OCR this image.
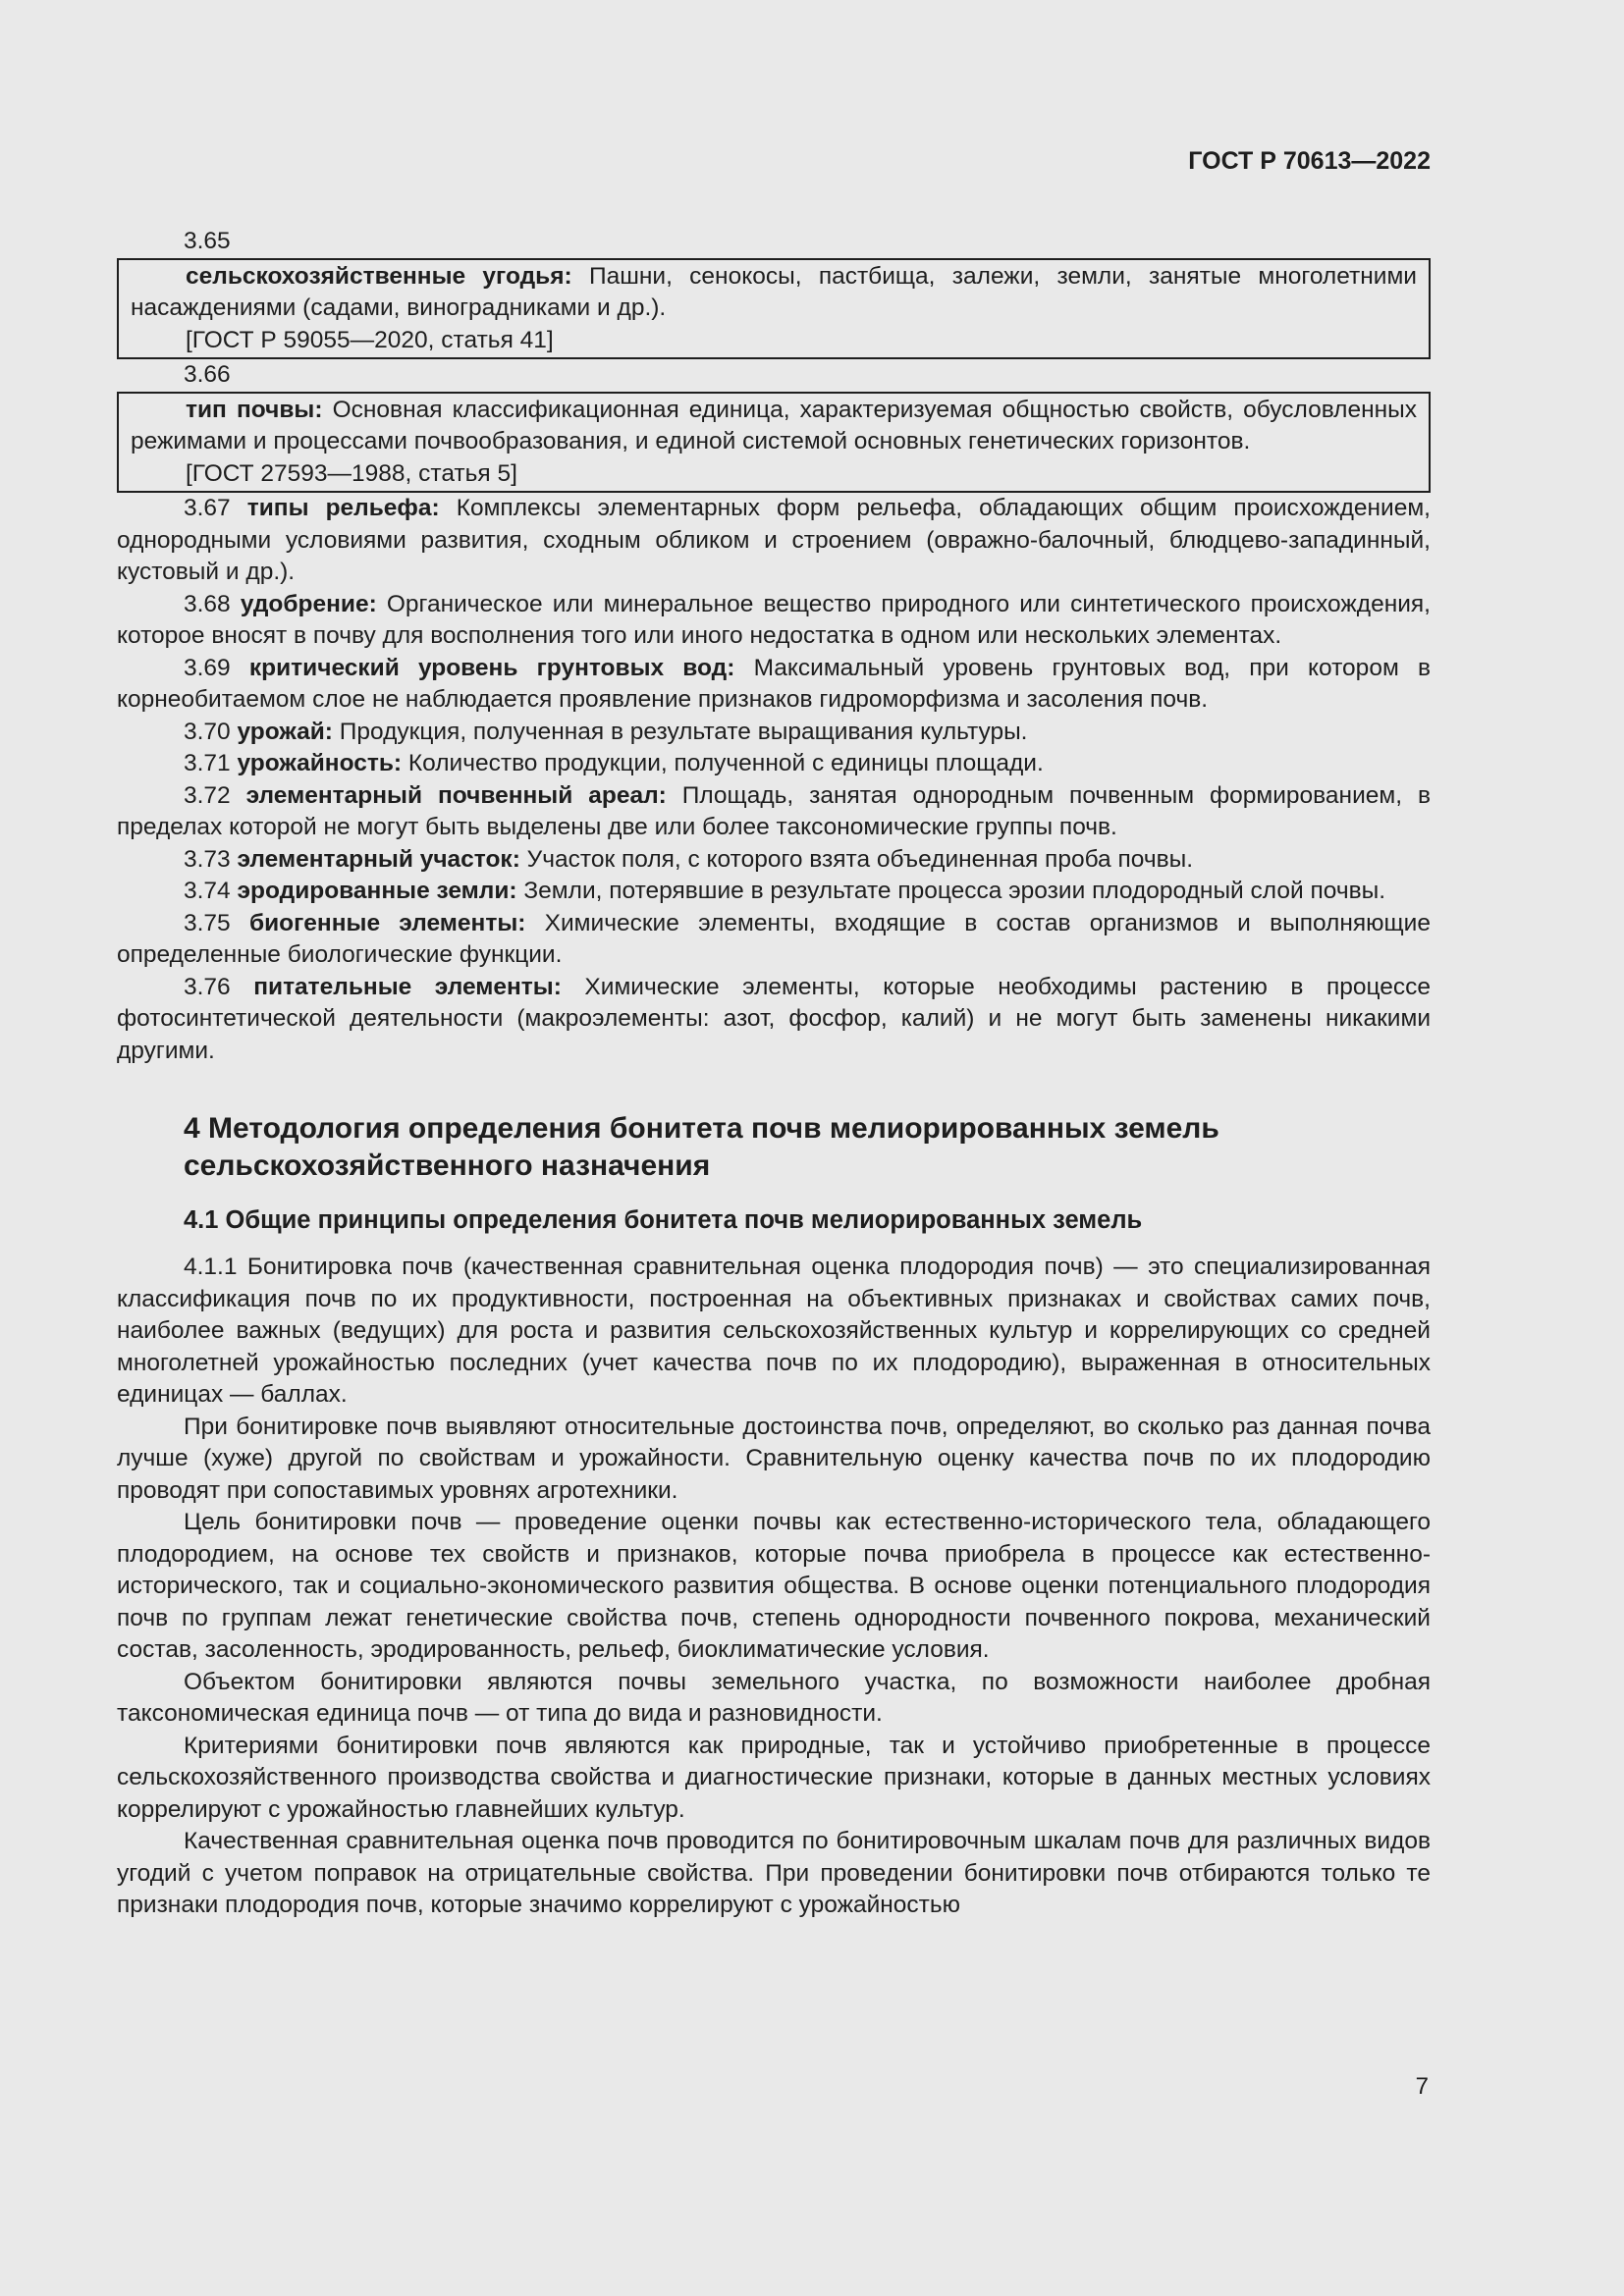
ГОСТ Р 70613—2022

3.65

сельскохозяйственные угодья: Пашни, сенокосы, пастбища, залежи, земли, занятые многолетними насаждениями (садами, виноградниками и др.).

[ГОСТ Р 59055—2020, статья 41]

3.66

тип почвы: Основная классификационная единица, характеризуемая общностью свойств, обусловленных режимами и процессами почвообразования, и единой системой основных генетических горизонтов.

[ГОСТ 27593—1988, статья 5]

3.67 типы рельефа: Комплексы элементарных форм рельефа, обладающих общим происхождением, однородными условиями развития, сходным обликом и строением (овражно-балочный, блюдцево-западинный, кустовый и др.).

3.68 удобрение: Органическое или минеральное вещество природного или синтетического происхождения, которое вносят в почву для восполнения того или иного недостатка в одном или нескольких элементах.

3.69 критический уровень грунтовых вод: Максимальный уровень грунтовых вод, при котором в корнеобитаемом слое не наблюдается проявление признаков гидроморфизма и засоления почв.

3.70 урожай: Продукция, полученная в результате выращивания культуры.

3.71 урожайность: Количество продукции, полученной с единицы площади.

3.72 элементарный почвенный ареал: Площадь, занятая однородным почвенным формированием, в пределах которой не могут быть выделены две или более таксономические группы почв.

3.73 элементарный участок: Участок поля, с которого взята объединенная проба почвы.

3.74 эродированные земли: Земли, потерявшие в результате процесса эрозии плодородный слой почвы.

3.75 биогенные элементы: Химические элементы, входящие в состав организмов и выполняющие определенные биологические функции.

3.76 питательные элементы: Химические элементы, которые необходимы растению в процессе фотосинтетической деятельности (макроэлементы: азот, фосфор, калий) и не могут быть заменены никакими другими.

4 Методология определения бонитета почв мелиорированных земель
сельскохозяйственного назначения
4.1 Общие принципы определения бонитета почв мелиорированных земель

4.1.1 Бонитировка почв (качественная сравнительная оценка плодородия почв) — это специализированная классификация почв по их продуктивности, построенная на объективных признаках и свойствах самих почв, наиболее важных (ведущих) для роста и развития сельскохозяйственных культур и коррелирующих со средней многолетней урожайностью последних (учет качества почв по их плодородию), выраженная в относительных единицах — баллах.

При бонитировке почв выявляют относительные достоинства почв, определяют, во сколько раз данная почва лучше (хуже) другой по свойствам и урожайности. Сравнительную оценку качества почв по их плодородию проводят при сопоставимых уровнях агротехники.

Цель бонитировки почв — проведение оценки почвы как естественно-исторического тела, обладающего плодородием, на основе тех свойств и признаков, которые почва приобрела в процессе как естественно-исторического, так и социально-экономического развития общества. В основе оценки потенциального плодородия почв по группам лежат генетические свойства почв, степень однородности почвенного покрова, механический состав, засоленность, эродированность, рельеф, биоклиматические условия.

Объектом бонитировки являются почвы земельного участка, по возможности наиболее дробная таксономическая единица почв — от типа до вида и разновидности.

Критериями бонитировки почв являются как природные, так и устойчиво приобретенные в процессе сельскохозяйственного производства свойства и диагностические признаки, которые в данных местных условиях коррелируют с урожайностью главнейших культур.

Качественная сравнительная оценка почв проводится по бонитировочным шкалам почв для различных видов угодий с учетом поправок на отрицательные свойства. При проведении бонитировки почв отбираются только те признаки плодородия почв, которые значимо коррелируют с урожайностью

7
